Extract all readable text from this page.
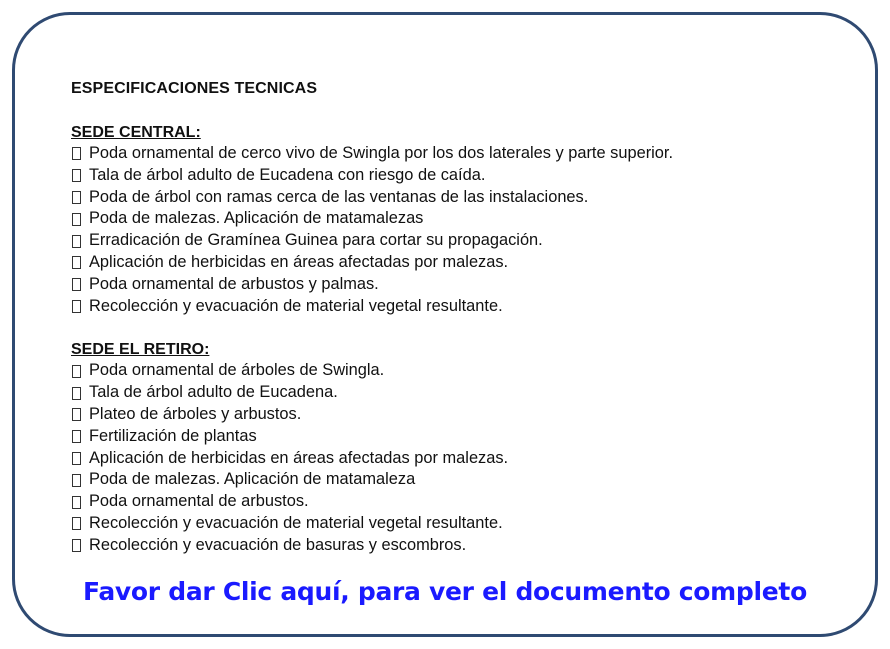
ESPECIFICACIONES TECNICAS
SEDE CENTRAL:
Poda ornamental de cerco vivo de Swingla por los dos laterales y parte superior.
Tala de árbol adulto de Eucadena con riesgo de caída.
Poda de árbol con ramas cerca de las ventanas de las instalaciones.
Poda de malezas. Aplicación de matamalezas
Erradicación de Gramínea Guinea para cortar su propagación.
Aplicación de herbicidas en áreas afectadas por malezas.
Poda ornamental de arbustos y palmas.
Recolección y evacuación de material vegetal resultante.
SEDE EL RETIRO:
Poda ornamental de árboles de Swingla.
Tala de árbol adulto de Eucadena.
Plateo de árboles y arbustos.
Fertilización de plantas
Aplicación de herbicidas en áreas afectadas por malezas.
Poda de malezas. Aplicación de matamaleza
Poda ornamental de arbustos.
Recolección y evacuación de material vegetal resultante.
Recolección y evacuación de basuras y escombros.
Favor dar Clic aquí, para ver el documento completo
